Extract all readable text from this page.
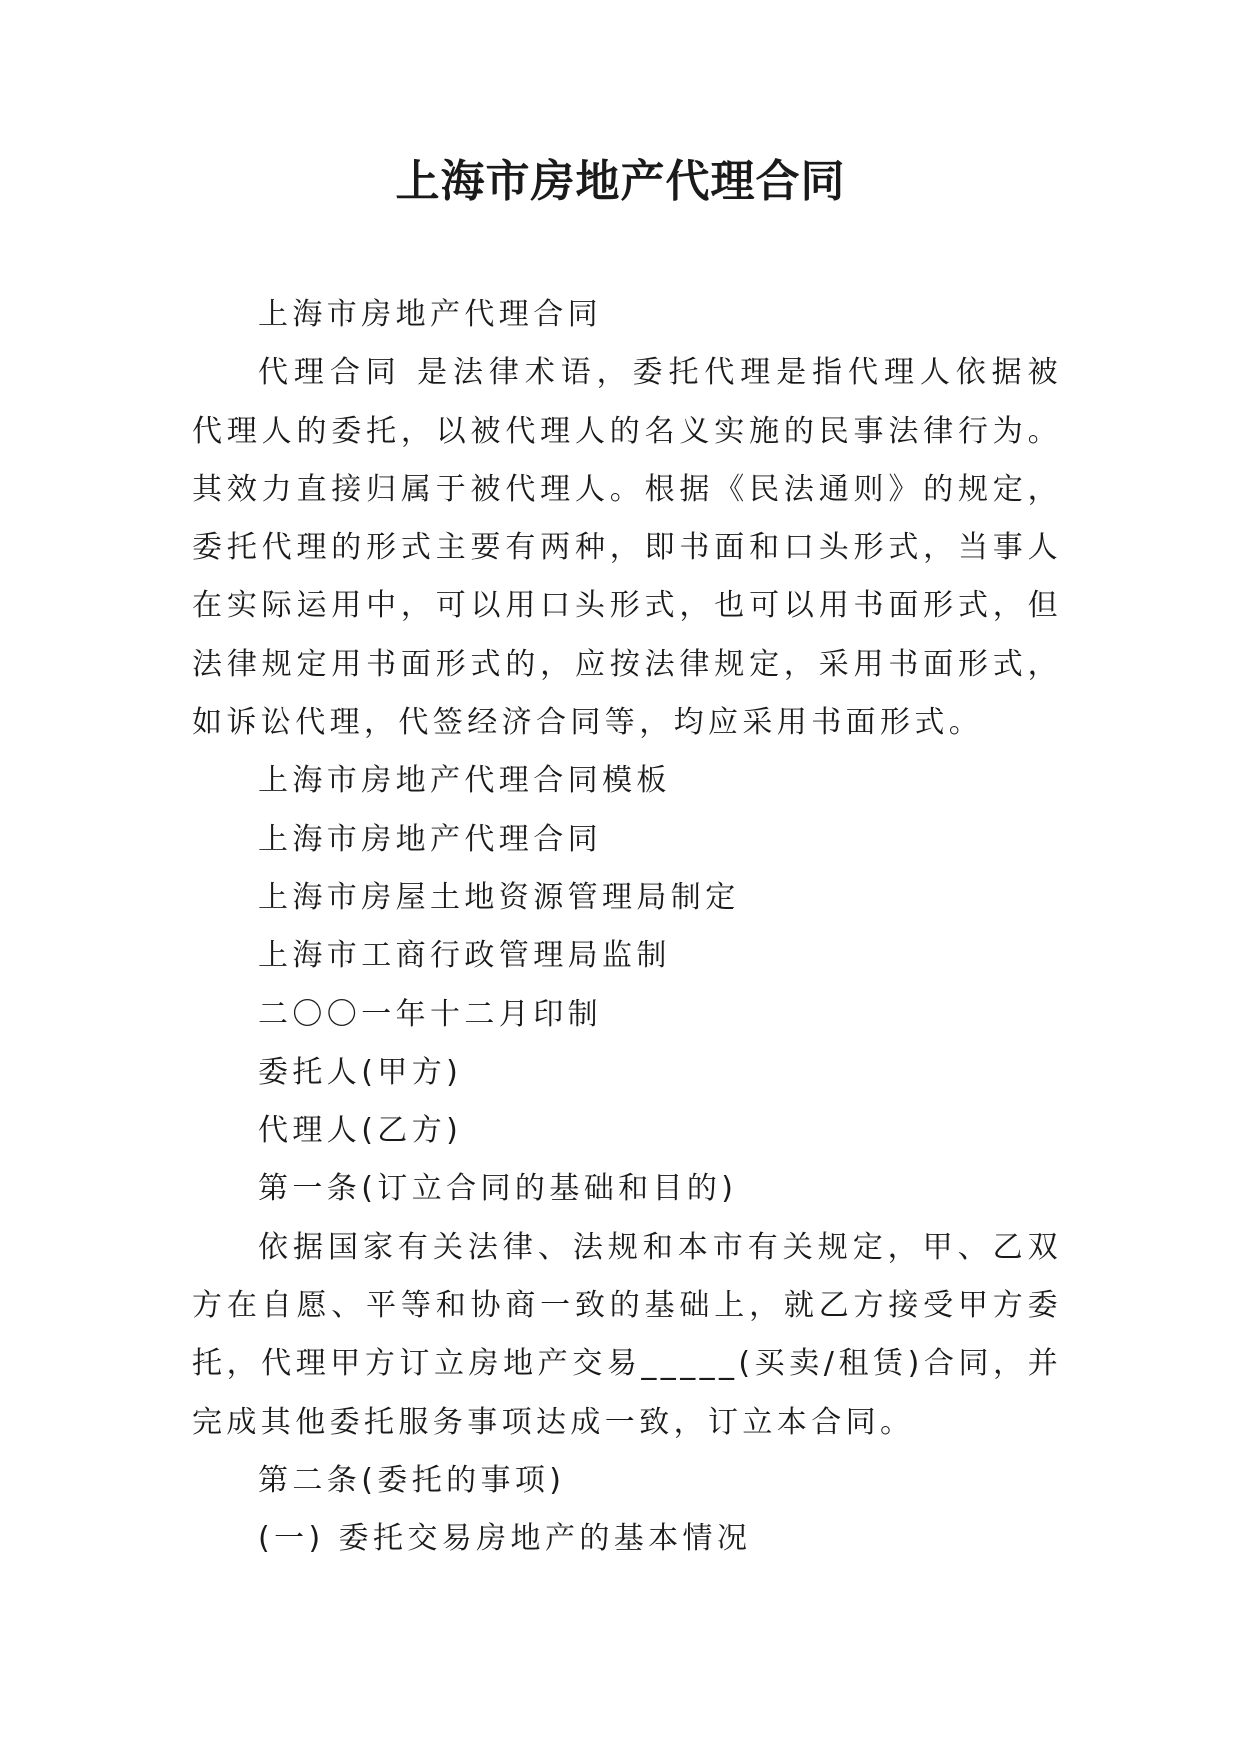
上海市房地产代理合同

上海市房地产代理合同

代理合同 是法律术语，委托代理是指代理人依据被代理人的委托，以被代理人的名义实施的民事法律行为。其效力直接归属于被代理人。根据《民法通则》的规定，委托代理的形式主要有两种，即书面和口头形式，当事人在实际运用中，可以用口头形式，也可以用书面形式，但法律规定用书面形式的，应按法律规定，采用书面形式，如诉讼代理，代签经济合同等，均应采用书面形式。

上海市房地产代理合同模板

上海市房地产代理合同

上海市房屋土地资源管理局制定

上海市工商行政管理局监制

二〇〇一年十二月印制

委托人(甲方)

代理人(乙方)

第一条(订立合同的基础和目的)

依据国家有关法律、法规和本市有关规定，甲、乙双方在自愿、平等和协商一致的基础上，就乙方接受甲方委托，代理甲方订立房地产交易_____(买卖/租赁)合同，并完成其他委托服务事项达成一致，订立本合同。

第二条(委托的事项)

(一) 委托交易房地产的基本情况
